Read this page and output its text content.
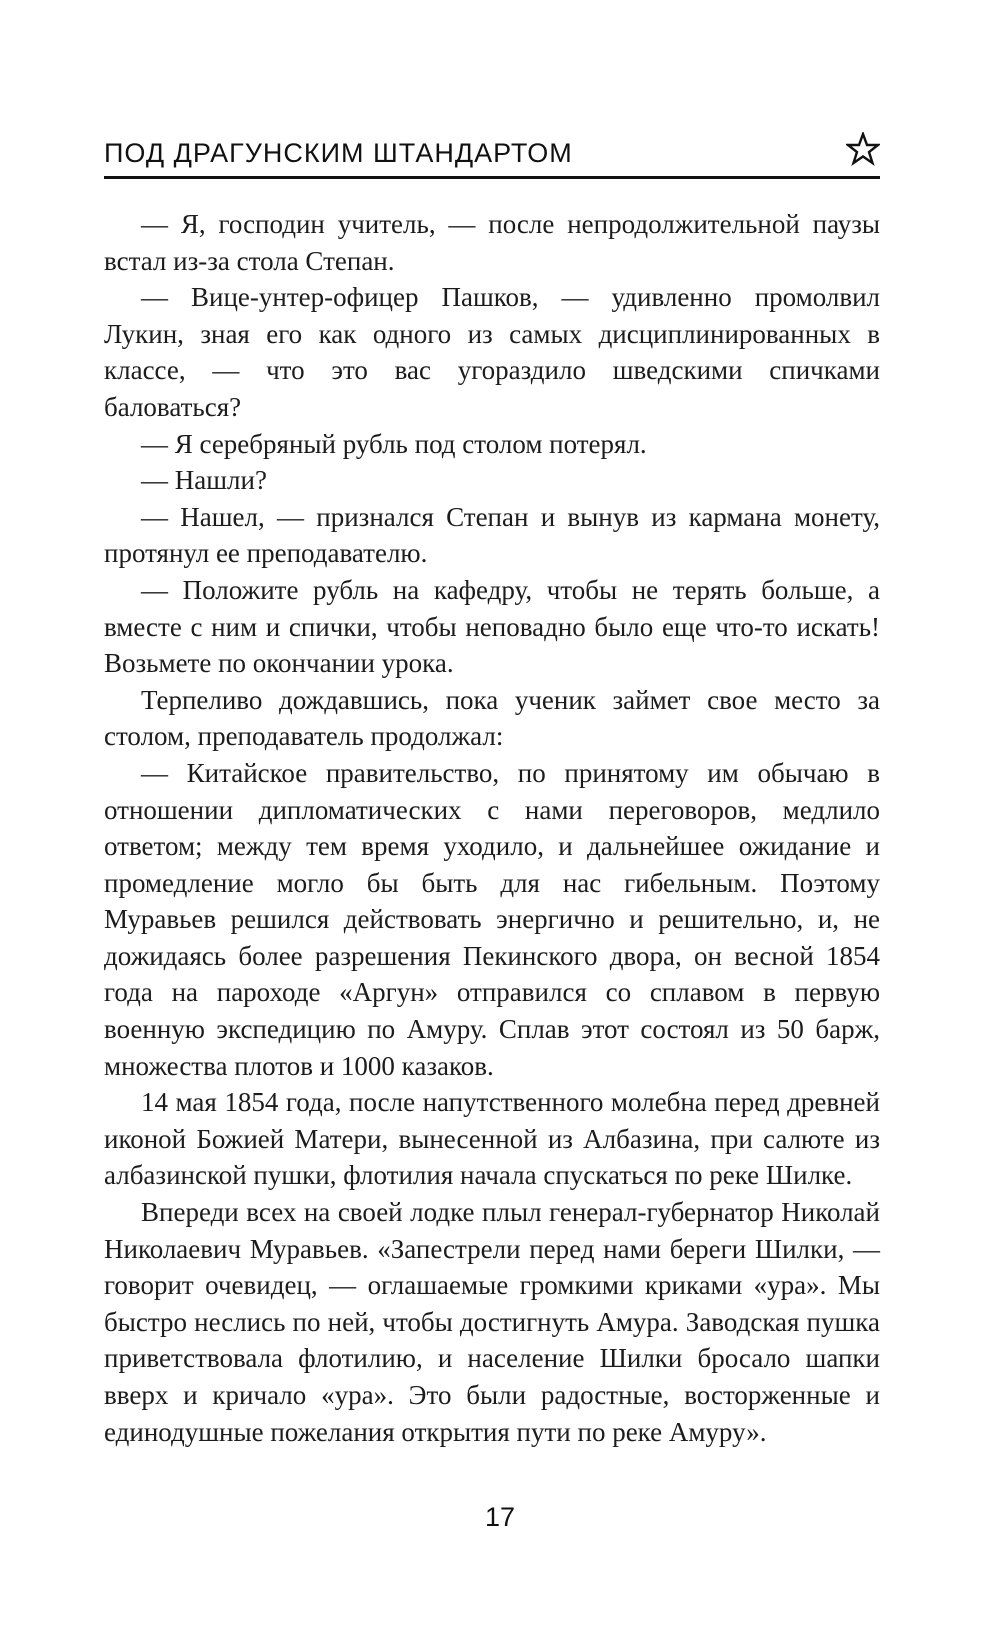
ПОД ДРАГУНСКИМ ШТАНДАРТОМ

— Я, господин учитель, — после непродолжительной паузы встал из-за стола Степан.

— Вице-унтер-офицер Пашков, — удивленно промолвил Лукин, зная его как одного из самых дисциплинированных в классе, — что это вас угораздило шведскими спичками баловаться?

— Я серебряный рубль под столом потерял.

— Нашли?

— Нашел, — признался Степан и вынув из кармана монету, протянул ее преподавателю.

— Положите рубль на кафедру, чтобы не терять больше, а вместе с ним и спички, чтобы неповадно было еще что-то искать! Возьмете по окончании урока.

Терпеливо дождавшись, пока ученик займет свое место за столом, преподаватель продолжал:

— Китайское правительство, по принятому им обычаю в отношении дипломатических с нами переговоров, медлило ответом; между тем время уходило, и дальнейшее ожидание и промедление могло бы быть для нас гибельным. Поэтому Муравьев решился действовать энергично и решительно, и, не дожидаясь более разрешения Пекинского двора, он весной 1854 года на пароходе «Аргун» отправился со сплавом в первую военную экспедицию по Амуру. Сплав этот состоял из 50 барж, множества плотов и 1000 казаков.

14 мая 1854 года, после напутственного молебна перед древней иконой Божией Матери, вынесенной из Албазина, при салюте из албазинской пушки, флотилия начала спускаться по реке Шилке.

Впереди всех на своей лодке плыл генерал-губернатор Николай Николаевич Муравьев. «Запестрели перед нами береги Шилки, — говорит очевидец, — оглашаемые громкими криками «ура». Мы быстро неслись по ней, чтобы достигнуть Амура. Заводская пушка приветствовала флотилию, и население Шилки бросало шапки вверх и кричало «ура». Это были радостные, восторженные и единодушные пожелания открытия пути по реке Амуру».

17
